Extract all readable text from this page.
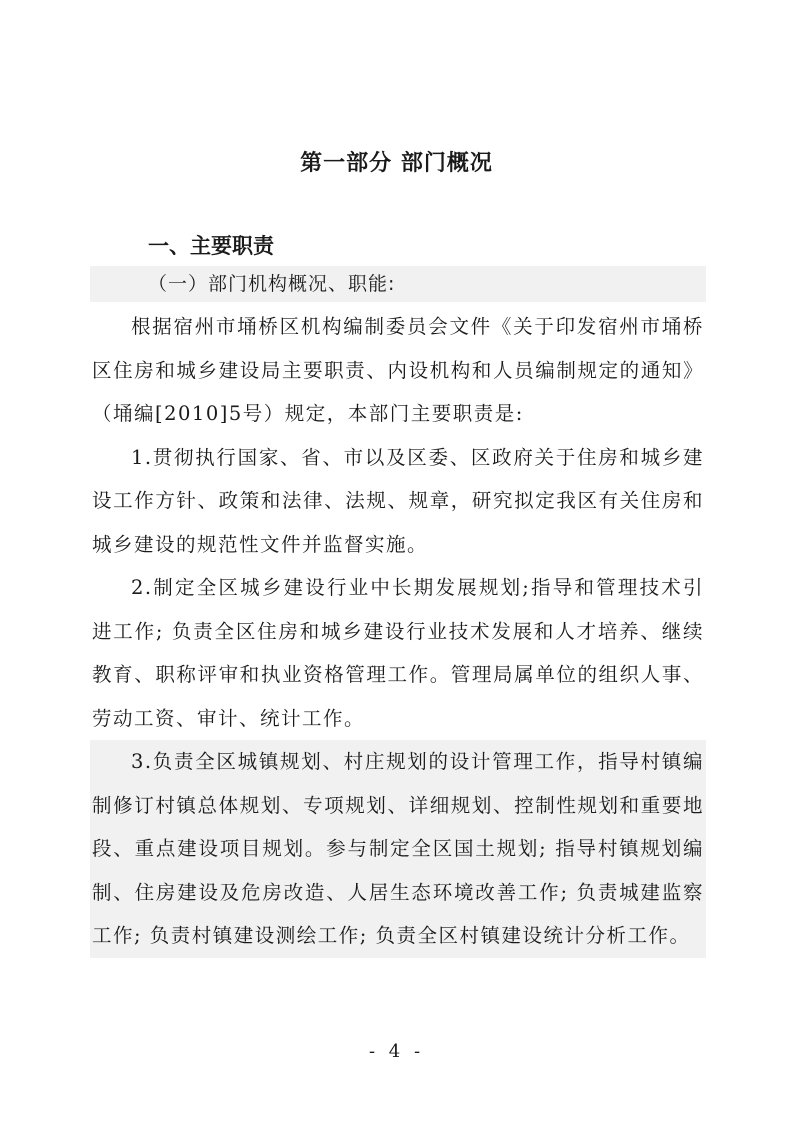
第一部分 部门概况
一、主要职责
（一）部门机构概况、职能:

根据宿州市埇桥区机构编制委员会文件《关于印发宿州市埇桥区住房和城乡建设局主要职责、内设机构和人员编制规定的通知》（埇编[2010]5号）规定，本部门主要职责是:

1.贯彻执行国家、省、市以及区委、区政府关于住房和城乡建设工作方针、政策和法律、法规、规章，研究拟定我区有关住房和城乡建设的规范性文件并监督实施。

2.制定全区城乡建设行业中长期发展规划;指导和管理技术引进工作; 负责全区住房和城乡建设行业技术发展和人才培养、继续教育、职称评审和执业资格管理工作。管理局属单位的组织人事、劳动工资、审计、统计工作。

3.负责全区城镇规划、村庄规划的设计管理工作，指导村镇编制修订村镇总体规划、专项规划、详细规划、控制性规划和重要地段、重点建设项目规划。参与制定全区国土规划; 指导村镇规划编制、住房建设及危房改造、人居生态环境改善工作; 负责城建监察工作; 负责村镇建设测绘工作; 负责全区村镇建设统计分析工作。

- 4 -
